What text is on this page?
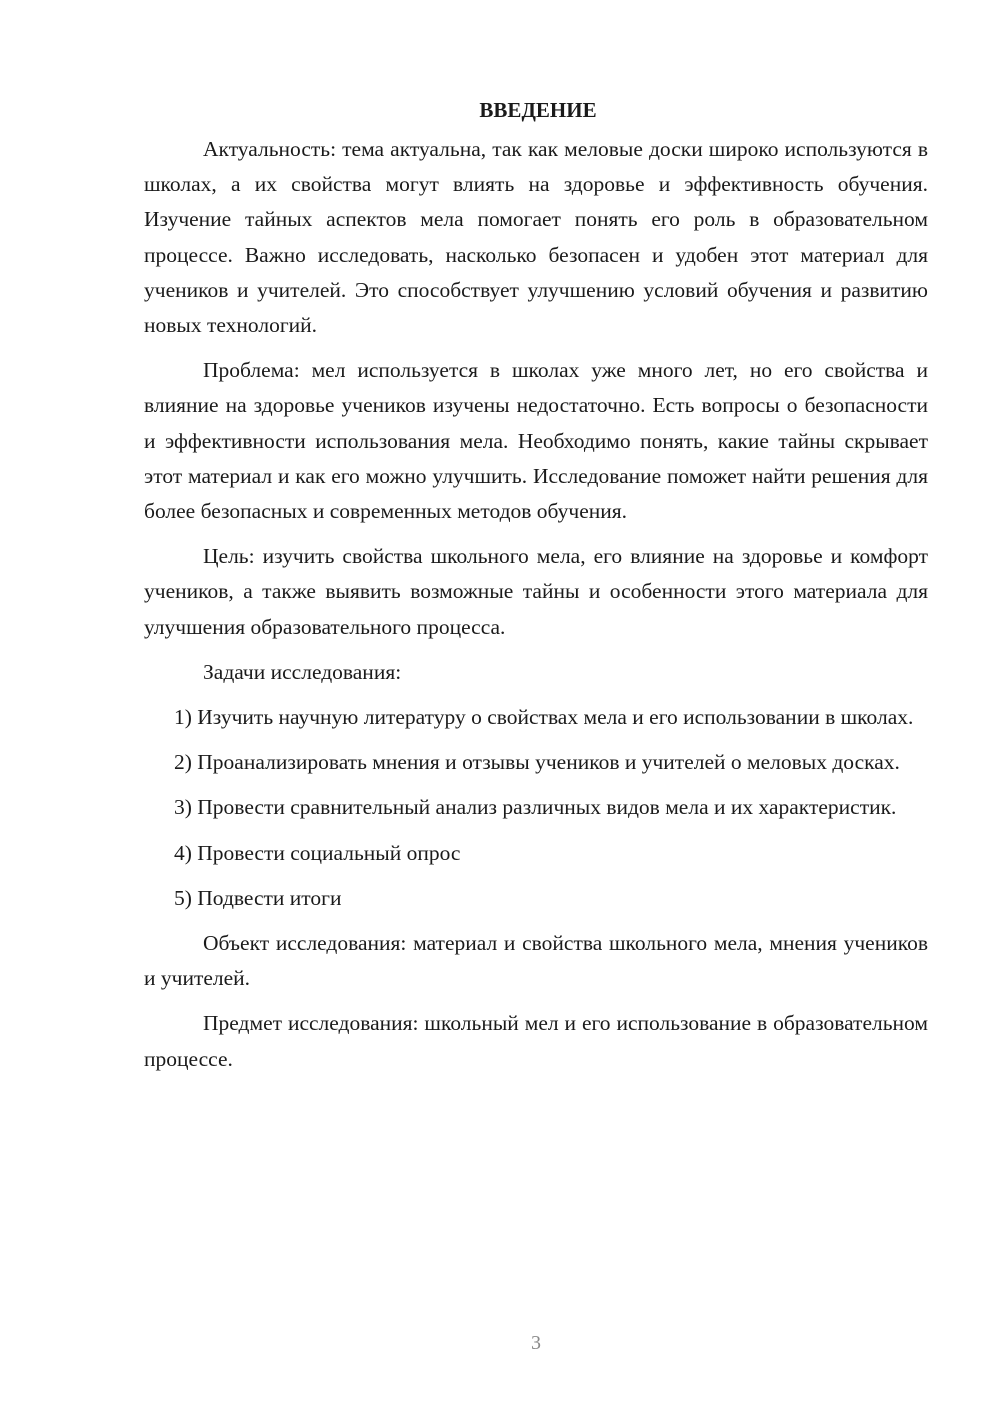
ВВЕДЕНИЕ

Актуальность: тема актуальна, так как меловые доски широко используются в школах, а их свойства могут влиять на здоровье и эффективность обучения. Изучение тайных аспектов мела помогает понять его роль в образовательном процессе. Важно исследовать, насколько безопасен и удобен этот материал для учеников и учителей. Это способствует улучшению условий обучения и развитию новых технологий.

Проблема: мел используется в школах уже много лет, но его свойства и влияние на здоровье учеников изучены недостаточно. Есть вопросы о безопасности и эффективности использования мела. Необходимо понять, какие тайны скрывает этот материал и как его можно улучшить. Исследование поможет найти решения для более безопасных и современных методов обучения.

Цель: изучить свойства школьного мела, его влияние на здоровье и комфорт учеников, а также выявить возможные тайны и особенности этого материала для улучшения образовательного процесса.

Задачи исследования:

1) Изучить научную литературу о свойствах мела и его использовании в школах.

2) Проанализировать мнения и отзывы учеников и учителей о меловых досках.

3) Провести сравнительный анализ различных видов мела и их характеристик.

4) Провести социальный опрос

5) Подвести итоги

Объект исследования: материал и свойства школьного мела, мнения учеников и учителей.

Предмет исследования: школьный мел и его использование в образовательном процессе.

3
